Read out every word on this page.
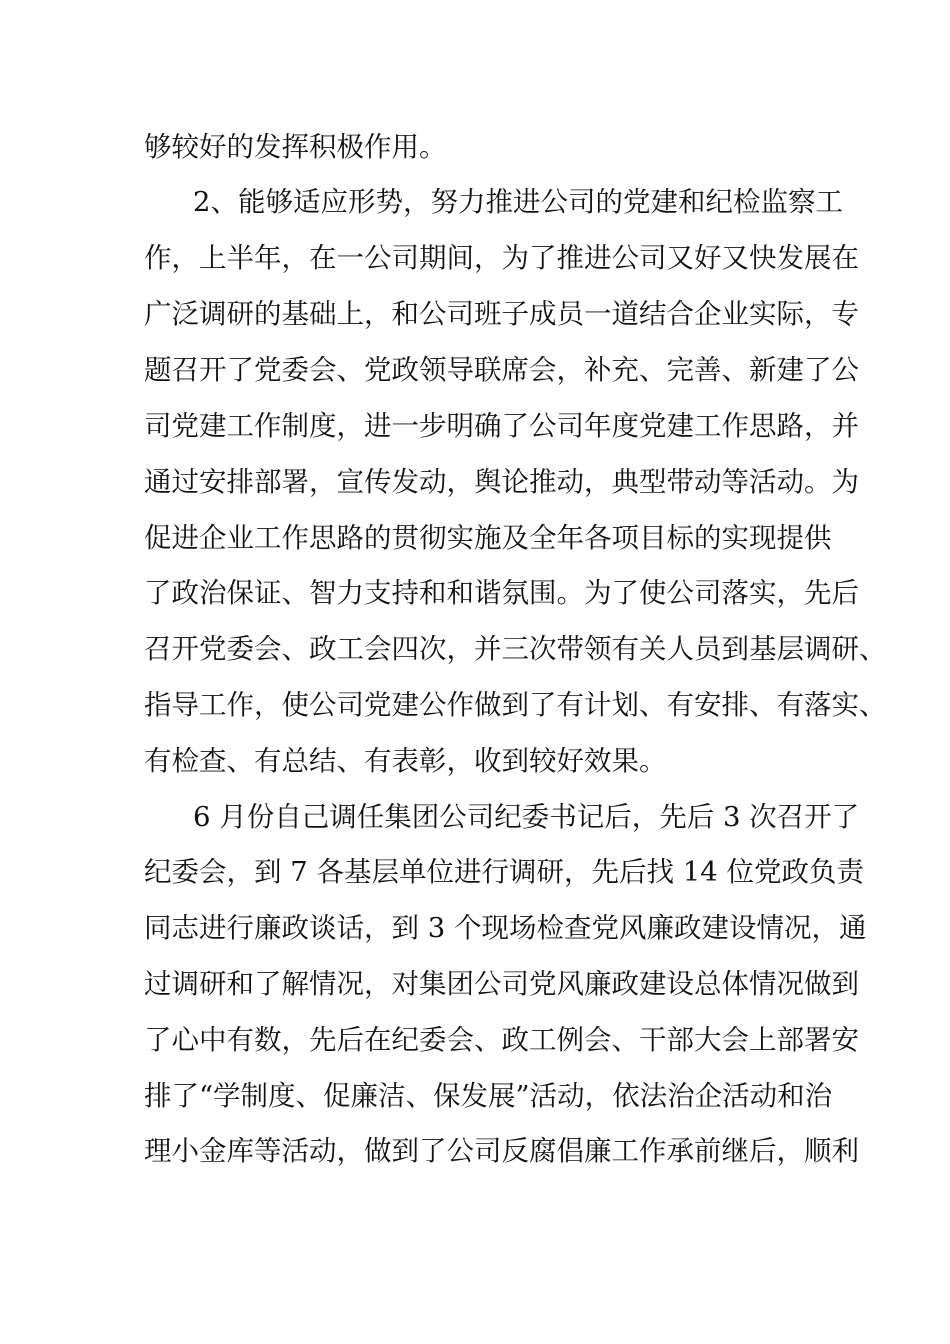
够较好的发挥积极作用。
2、能够适应形势，努力推进公司的党建和纪检监察工
作，上半年，在一公司期间，为了推进公司又好又快发展在
广泛调研的基础上，和公司班子成员一道结合企业实际，专
题召开了党委会、党政领导联席会，补充、完善、新建了公
司党建工作制度，进一步明确了公司年度党建工作思路，并
通过安排部署，宣传发动，舆论推动，典型带动等活动。为
促进企业工作思路的贯彻实施及全年各项目标的实现提供
了政治保证、智力支持和和谐氛围。为了使公司落实，先后
召开党委会、政工会四次，并三次带领有关人员到基层调研、
指导工作，使公司党建公作做到了有计划、有安排、有落实、
有检查、有总结、有表彰，收到较好效果。
6 月份自己调任集团公司纪委书记后，先后 3 次召开了
纪委会，到 7 各基层单位进行调研，先后找 14 位党政负责
同志进行廉政谈话，到 3 个现场检查党风廉政建设情况，通
过调研和了解情况，对集团公司党风廉政建设总体情况做到
了心中有数，先后在纪委会、政工例会、干部大会上部署安
排了“学制度、促廉洁、保发展”活动，依法治企活动和治
理小金库等活动，做到了公司反腐倡廉工作承前继后，顺利
